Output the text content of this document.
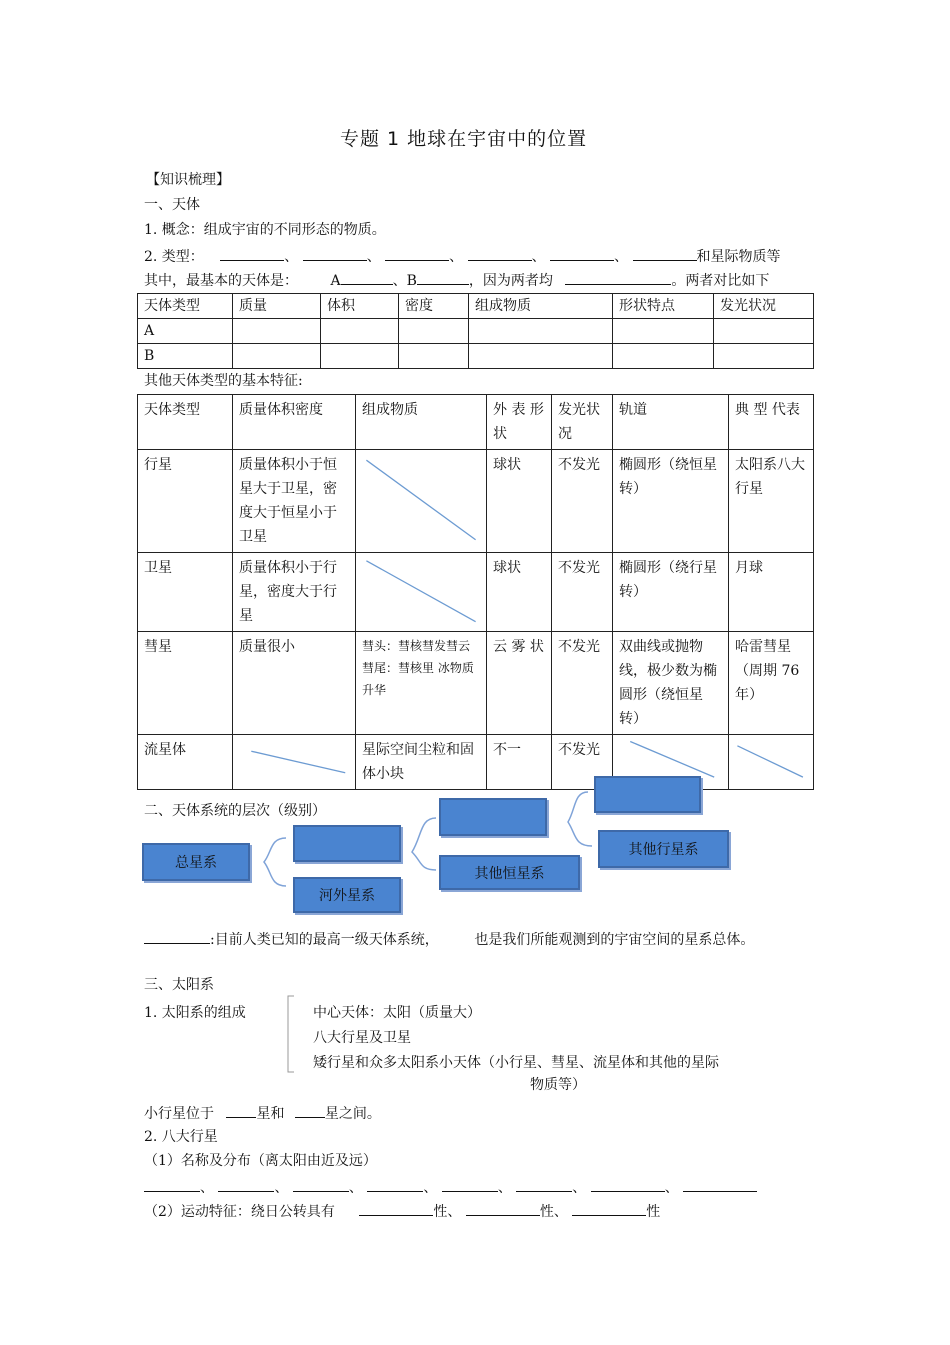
专题 1 地球在宇宙中的位置
【知识梳理】
一、天体
1. 概念：组成宇宙的不同形态的物质。
2. 类型：	、	、	、	、	、	和星际物质等
其中，最基本的天体是： A	、B	，因为两者均	。两者对比如下
天体类型	质量	体积	密度	组成物质	形状特点	发光状况
A						
B						
其他天体类型的基本特征:
天体类型	质量体积密度	组成物质	外 表 形状	发光状况	轨道	典 型 代表
行星	质量体积小于恒星大于卫星，密度大于恒星小于卫星		球状	不发光	椭圆形（绕恒星转）	太阳系八大行星
卫星	质量体积小于行星，密度大于行星		球状	不发光	椭圆形（绕行星转）	月球
彗星	质量很小	彗头：彗核彗发彗云
彗尾：彗核里 冰物质升华	云 雾 状	不发光	双曲线或抛物线，极少数为椭圆形（绕恒星转）	哈雷彗星（周期 76 年）
流星体		星际空间尘粒和固体小块	不一	不发光	

二、天体系统的层次（级别）
总星系
河外星系
其他恒星系
其他行星系
:目前人类已知的最高一级天体系统，        也是我们所能观测到的宇宙空间的星系总体。
三、太阳系
1. 太阳系的组成	中心天体：太阳（质量大）
八大行星及卫星
矮行星和众多太阳系小天体（小行星、彗星、流星体和其他的星际
物质等）
小行星位于	星和	星之间。
2. 八大行星
（1）名称及分布（离太阳由近及远）
、	、	、	、	、	、	、
（2）运动特征：绕日公转具有	性、	性、	性
